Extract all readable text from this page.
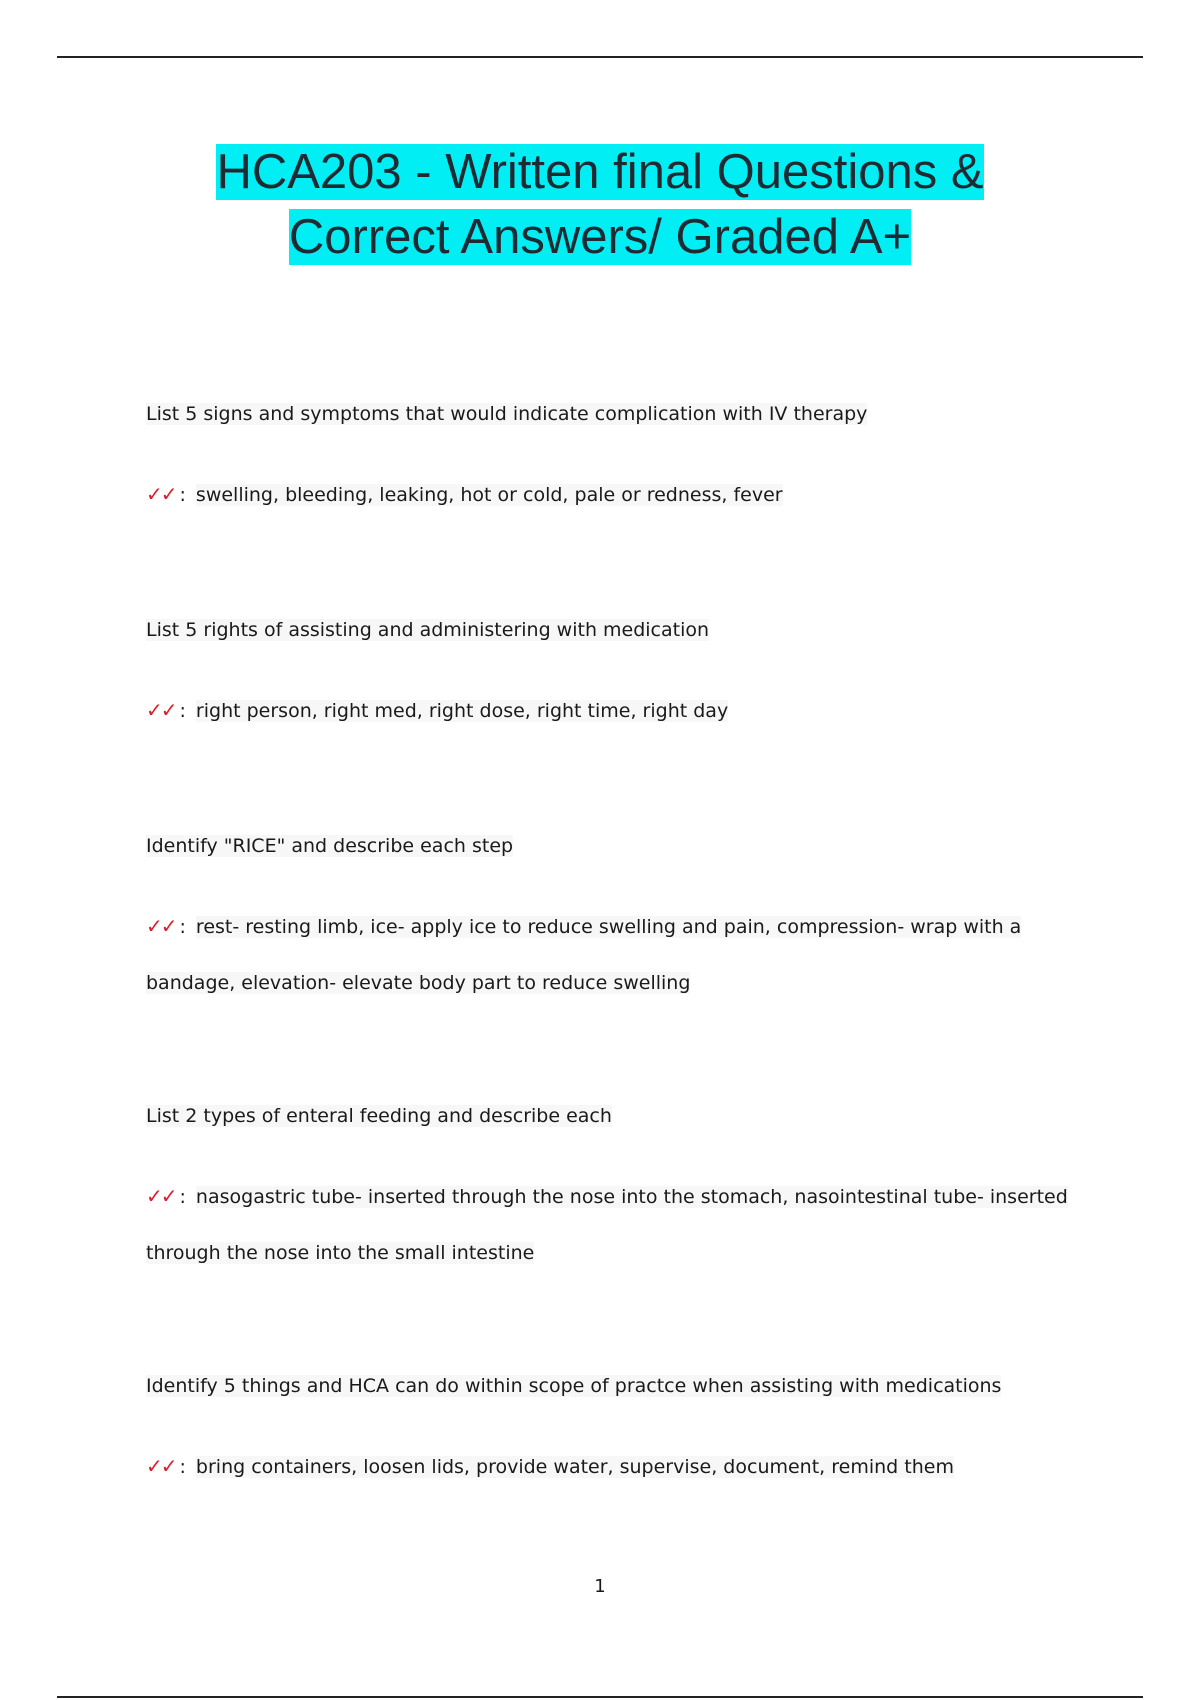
HCA203 - Written final Questions &
Correct Answers/ Graded A+
List 5 signs and symptoms that would indicate complication with IV therapy
✓✓ : swelling, bleeding, leaking, hot or cold, pale or redness, fever
List 5 rights of assisting and administering with medication
✓✓ : right person, right med, right dose, right time, right day
Identify "RICE" and describe each step
✓✓ : rest- resting limb, ice- apply ice to reduce swelling and pain, compression- wrap with a bandage, elevation- elevate body part to reduce swelling
List 2 types of enteral feeding and describe each
✓✓ : nasogastric tube- inserted through the nose into the stomach, nasointestinal tube- inserted through the nose into the small intestine
Identify 5 things and HCA can do within scope of practce when assisting with medications
✓✓ : bring containers, loosen lids, provide water, supervise, document, remind them
1
